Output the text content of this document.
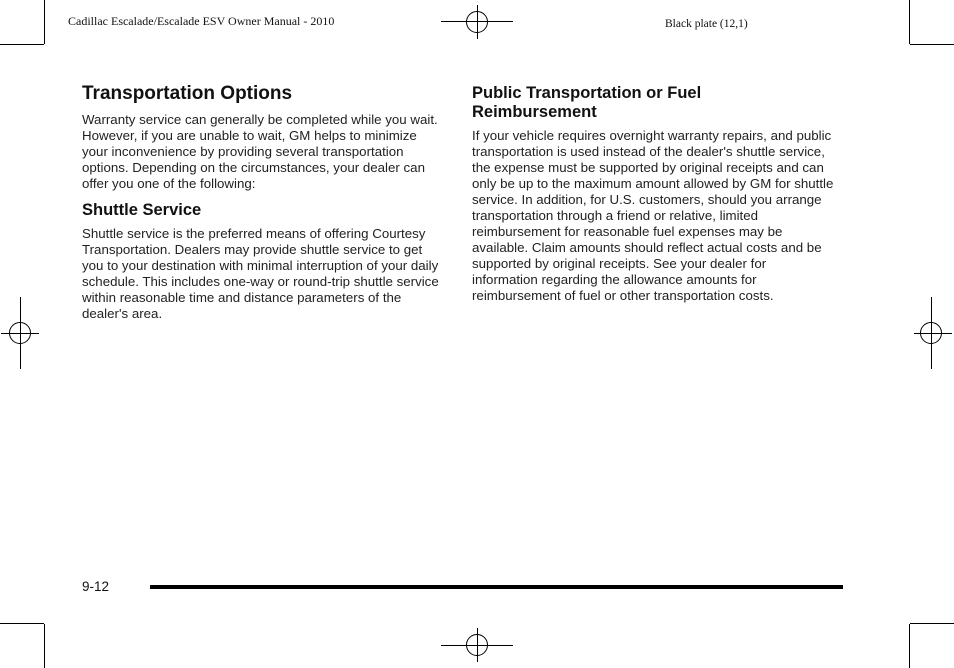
Cadillac Escalade/Escalade ESV Owner Manual - 2010	Black plate (12,1)
Transportation Options

Warranty service can generally be completed while you wait. However, if you are unable to wait, GM helps to minimize your inconvenience by providing several transportation options. Depending on the circumstances, your dealer can offer you one of the following:

Shuttle Service

Shuttle service is the preferred means of offering Courtesy Transportation. Dealers may provide shuttle service to get you to your destination with minimal interruption of your daily schedule. This includes one-way or round-trip shuttle service within reasonable time and distance parameters of the dealer's area.

Public Transportation or Fuel Reimbursement

If your vehicle requires overnight warranty repairs, and public transportation is used instead of the dealer's shuttle service, the expense must be supported by original receipts and can only be up to the maximum amount allowed by GM for shuttle service. In addition, for U.S. customers, should you arrange transportation through a friend or relative, limited reimbursement for reasonable fuel expenses may be available. Claim amounts should reflect actual costs and be supported by original receipts. See your dealer for information regarding the allowance amounts for reimbursement of fuel or other transportation costs.

9-12
